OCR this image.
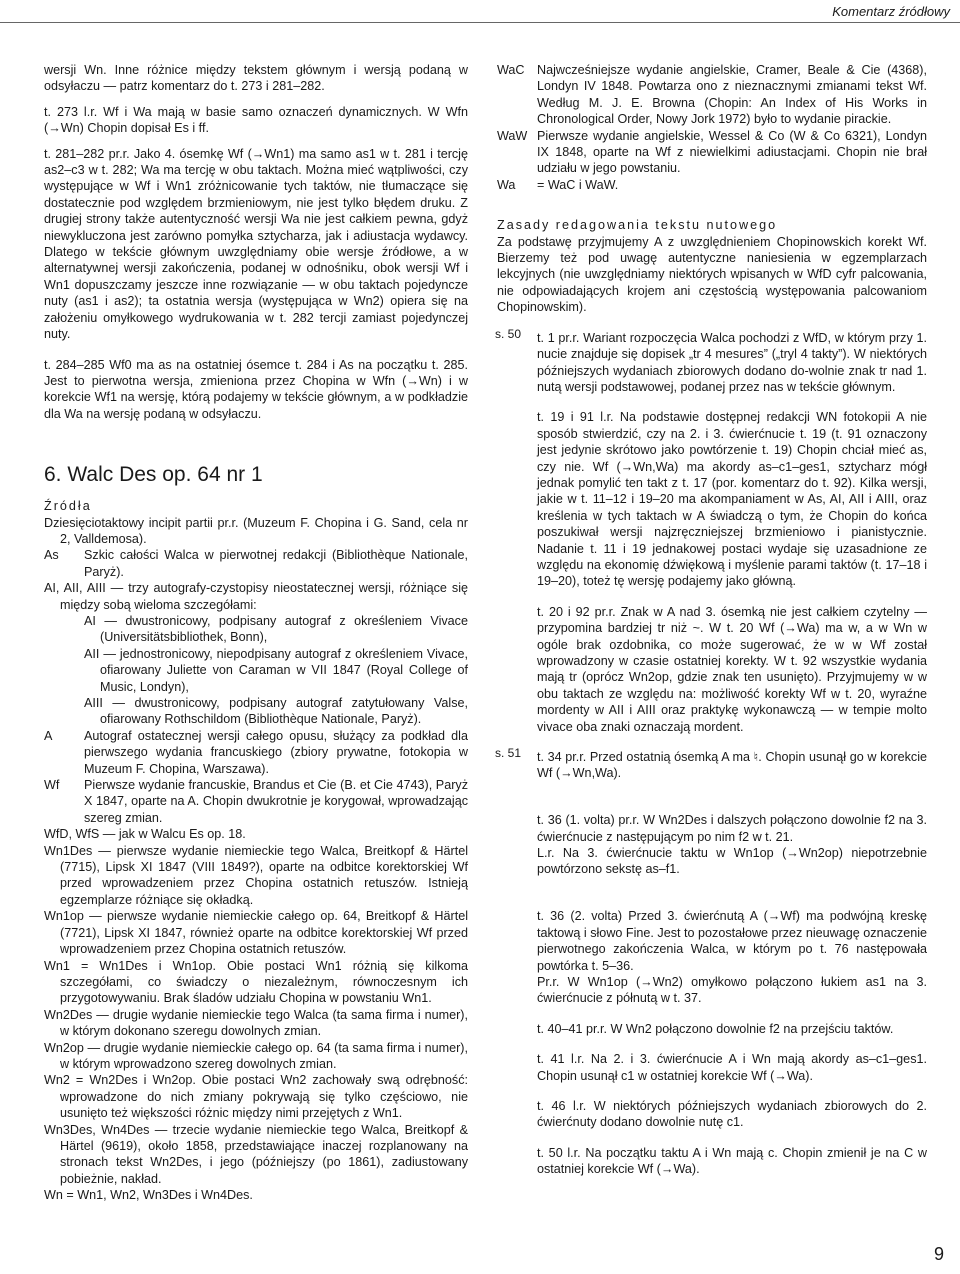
Komentarz źródłowy

wersji Wn. Inne różnice między tekstem głównym i wersją podaną w odsyłaczu — patrz komentarz do t. 273 i 281–282.

t. 273 l.r. Wf i Wa mają w basie samo oznaczeń dynamicznych. W Wfn (→Wn) Chopin dopisał Es i ff.

t. 281–282 pr.r. Jako 4. ósemkę Wf (→Wn1) ma samo as1 w t. 281 i tercję as2–c3 w t. 282; Wa ma tercję w obu taktach. Można mieć wątpliwości, czy występujące w Wf i Wn1 zróżnicowanie tych taktów, nie tłumaczące się dostatecznie pod względem brzmieniowym, nie jest tylko błędem druku. Z drugiej strony także autentyczność wersji Wa nie jest całkiem pewna, gdyż niewykluczona jest zarówno pomyłka sztycharza, jak i adiustacja wydawcy. Dlatego w tekście głównym uwzględniamy obie wersje źródłowe, a w alternatywnej wersji zakończenia, podanej w odnośniku, obok wersji Wf i Wn1 dopuszczamy jeszcze inne rozwiązanie — w obu taktach pojedyncze nuty (as1 i as2); ta ostatnia wersja (występująca w Wn2) opiera się na założeniu omyłkowego wydrukowania w t. 282 tercji zamiast pojedynczej nuty.

t. 284–285 Wf0 ma as na ostatniej ósemce t. 284 i As na początku t. 285. Jest to pierwotna wersja, zmieniona przez Chopina w Wfn (→Wn) i w korekcie Wf1 na wersję, którą podajemy w tekście głównym, a w podkładzie dla Wa na wersję podaną w odsyłaczu.

6. Walc Des op. 64 nr 1

Źródła

Dziesięciotaktowy incipit partii pr.r. (Muzeum F. Chopina i G. Sand, cela nr 2, Valldemosa).

As Szkic całości Walca w pierwotnej redakcji (Bibliothèque Nationale, Paryż).
AI, AII, AIII — trzy autografy-czystopisy nieostatecznej wersji, różniące się między sobą wieloma szczegółami:

AI — dwustronicowy, podpisany autograf z określeniem Vivace (Universitätsbibliothek, Bonn),

AII — jednostronicowy, niepodpisany autograf z określeniem Vivace, ofiarowany Juliette von Caraman w VII 1847 (Royal College of Music, Londyn),

AIII — dwustronicowy, podpisany autograf zatytułowany Valse, ofiarowany Rothschildom (Bibliothèque Nationale, Paryż).

A	Autograf ostatecznej wersji całego opusu, służący za podkład dla pierwszego wydania francuskiego (zbiory prywatne, fotokopia w Muzeum F. Chopina, Warszawa).
Wf Pierwsze wydanie francuskie, Brandus et Cie (B. et Cie 4743), Paryż X 1847, oparte na A. Chopin dwukrotnie je korygował, wprowadzając szereg zmian.

WfD, WfS — jak w Walcu Es op. 18.

Wn1Des — pierwsze wydanie niemieckie tego Walca, Breitkopf & Härtel (7715), Lipsk XI 1847 (VIII 1849?), oparte na odbitce korektorskiej Wf przed wprowadzeniem przez Chopina ostatnich retuszów. Istnieją egzemplarze różniące się okładką.

Wn1op — pierwsze wydanie niemieckie całego op. 64, Breitkopf & Härtel (7721), Lipsk XI 1847, również oparte na odbitce korektorskiej Wf przed wprowadzeniem przez Chopina ostatnich retuszów.

Wn1 = Wn1Des i Wn1op. Obie postaci Wn1 różnią się kilkoma szczegółami, co świadczy o niezależnym, równoczesnym ich przygotowywaniu. Brak śladów udziału Chopina w powstaniu Wn1.

Wn2Des — drugie wydanie niemieckie tego Walca (ta sama firma i numer), w którym dokonano szeregu dowolnych zmian.

Wn2op — drugie wydanie niemieckie całego op. 64 (ta sama firma i numer), w którym wprowadzono szereg dowolnych zmian.

Wn2 = Wn2Des i Wn2op. Obie postaci Wn2 zachowały swą odrębność: wprowadzone do nich zmiany pokrywają się tylko częściowo, nie usunięto też większości różnic między nimi przejętych z Wn1.

Wn3Des, Wn4Des — trzecie wydanie niemieckie tego Walca, Breitkopf & Härtel (9619), około 1858, przedstawiające inaczej rozplanowany na stronach tekst Wn2Des, i jego (późniejszy (po 1861), zadiustowany pobieżnie, nakład.

Wn = Wn1, Wn2, Wn3Des i Wn4Des.

WaC Najwcześniejsze wydanie angielskie, Cramer, Beale & Cie (4368), Londyn IV 1848. Powtarza ono z nieznacznymi zmianami tekst Wf. Według M. J. E. Browna (Chopin: An Index of His Works in Chronological Order, Nowy Jork 1972) było to wydanie pirackie.
WaW Pierwsze wydanie angielskie, Wessel & Co (W & Co 6321), Londyn IX 1848, oparte na Wf z niewielkimi adiustacjami. Chopin nie brał udziału w jego powstaniu.
Wa = WaC i WaW.

Zasady redagowania tekstu nutowego

Za podstawę przyjmujemy A z uwzględnieniem Chopinowskich korekt Wf. Bierzemy też pod uwagę autentyczne naniesienia w egzemplarzach lekcyjnych (nie uwzględniamy niektórych wpisanych w WfD cyfr palcowania, nie odpowiadających krojem ani częstością występowania palcowaniom Chopinowskim).

s. 50 t. 1 pr.r. Wariant rozpoczęcia Walca pochodzi z WfD, w którym przy 1. nucie znajduje się dopisek „tr 4 mesures” („tryl 4 takty”). W niektórych późniejszych wydaniach zbiorowych dodano do-wolnie znak tr nad 1. nutą wersji podstawowej, podanej przez nas w tekście głównym.
t. 19 i 91 l.r. Na podstawie dostępnej redakcji WN fotokopii A nie sposób stwierdzić, czy na 2. i 3. ćwierćnucie t. 19 (t. 91 oznaczony jest jedynie skrótowo jako powtórzenie t. 19) Chopin chciał mieć as, czy nie. Wf (→Wn,Wa) ma akordy as–c1–ges1, sztycharz mógł jednak pomylić ten takt z t. 17 (por. komentarz do t. 92). Kilka wersji, jakie w t. 11–12 i 19–20 ma akompaniament w As, AI, AII i AIII, oraz kreślenia w tych taktach w A świadczą o tym, że Chopin do końca poszukiwał wersji najzręczniejszej brzmieniowo i pianistycznie. Nadanie t. 11 i 19 jednakowej postaci wydaje się uzasadnione ze względu na ekonomię dźwiękową i myślenie parami taktów (t. 17–18 i 19–20), toteż tę wersję podajemy jako główną.
t. 20 i 92 pr.r. Znak w A nad 3. ósemką nie jest całkiem czytelny — przypomina bardziej tr niż ~. W t. 20 Wf (→Wa) ma w, a w Wn w ogóle brak ozdobnika, co może sugerować, że w w Wf został wprowadzony w czasie ostatniej korekty. W t. 92 wszystkie wydania mają tr (oprócz Wn2op, gdzie znak ten usunięto). Przyjmujemy w w obu taktach ze względu na: możliwość korekty Wf w t. 20, wyraźne mordenty w AII i AIII oraz praktykę wykonawczą — w tempie molto vivace oba znaki oznaczają mordent.
s. 51 t. 34 pr.r. Przed ostatnią ósemką A ma ♮. Chopin usunął go w korekcie Wf (→Wn,Wa).

t. 36 (1. volta) pr.r. W Wn2Des i dalszych połączono dowolnie f2 na 3. ćwierćnucie z następującym po nim f2 w t. 21.
L.r. Na 3. ćwierćnucie taktu w Wn1op (→Wn2op) niepotrzebnie powtórzono sekstę as–f1.

t. 36 (2. volta) Przed 3. ćwierćnutą A (→Wf) ma podwójną kreskę taktową i słowo Fine. Jest to pozostałowe przez nieuwagę oznaczenie pierwotnego zakończenia Walca, w którym po t. 76 następowała powtórka t. 5–36.
Pr.r. W Wn1op (→Wn2) omyłkowo połączono łukiem as1 na 3. ćwierćnucie z półnutą w t. 37.

t. 40–41 pr.r. W Wn2 połączono dowolnie f2 na przejściu taktów.
t. 41 l.r. Na 2. i 3. ćwierćnucie A i Wn mają akordy as–c1–ges1. Chopin usunął c1 w ostatniej korekcie Wf (→Wa).
t. 46 l.r. W niektórych późniejszych wydaniach zbiorowych do 2. ćwierćnuty dodano dowolnie nutę c1.
t. 50 l.r. Na początku taktu A i Wn mają c. Chopin zmienił je na C w ostatniej korekcie Wf (→Wa).
9
